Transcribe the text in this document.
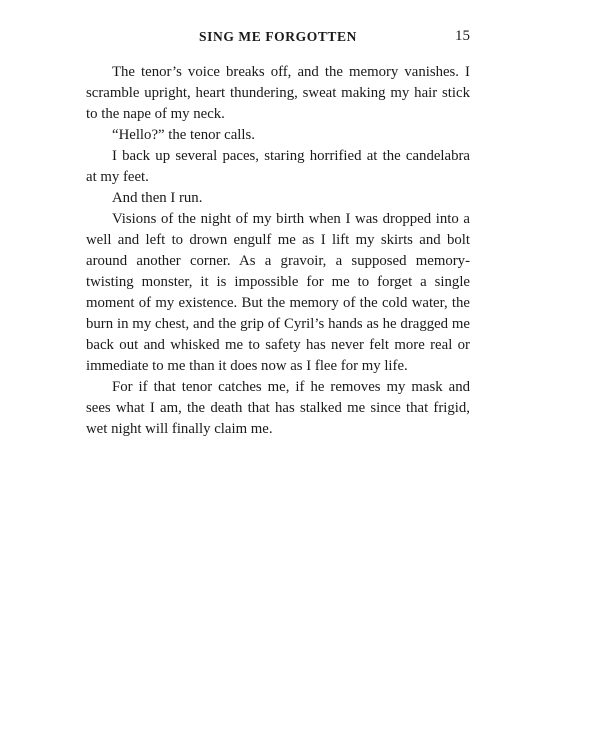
SING ME FORGOTTEN	15

The tenor’s voice breaks off, and the memory vanishes. I scramble upright, heart thundering, sweat making my hair stick to the nape of my neck.

“Hello?” the tenor calls.

I back up several paces, staring horrified at the candelabra at my feet.

And then I run.

Visions of the night of my birth when I was dropped into a well and left to drown engulf me as I lift my skirts and bolt around another corner. As a gravoir, a supposed memory-twisting monster, it is impossible for me to forget a single moment of my existence. But the memory of the cold water, the burn in my chest, and the grip of Cyril’s hands as he dragged me back out and whisked me to safety has never felt more real or immediate to me than it does now as I flee for my life.

For if that tenor catches me, if he removes my mask and sees what I am, the death that has stalked me since that frigid, wet night will finally claim me.
